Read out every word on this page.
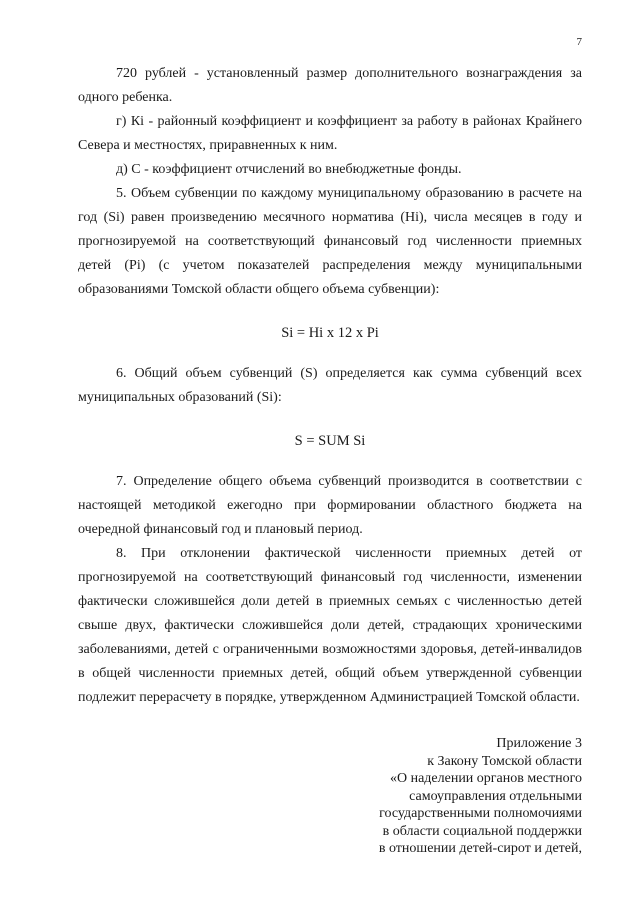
7

720 рублей - установленный размер дополнительного вознаграждения за одного ребенка.

г) Кi - районный коэффициент и коэффициент за работу в районах Крайнего Севера и местностях, приравненных к ним.

д) С - коэффициент отчислений во внебюджетные фонды.

5. Объем субвенции по каждому муниципальному образованию в расчете на год (Si) равен произведению месячного норматива (Hi), числа месяцев в году и прогнозируемой на соответствующий финансовый год численности приемных детей (Pi) (с учетом показателей распределения между муниципальными образованиями Томской области общего объема субвенции):

Si = Hi x 12 x Pi

6. Общий объем субвенций (S) определяется как сумма субвенций всех муниципальных образований (Si):

S = SUM Si

7. Определение общего объема субвенций производится в соответствии с настоящей методикой ежегодно при формировании областного бюджета на очередной финансовый год и плановый период.

8. При отклонении фактической численности приемных детей от прогнозируемой на соответствующий финансовый год численности, изменении фактически сложившейся доли детей в приемных семьях с численностью детей свыше двух, фактически сложившейся доли детей, страдающих хроническими заболеваниями, детей с ограниченными возможностями здоровья, детей-инвалидов в общей численности приемных детей, общий объем утвержденной субвенции подлежит перерасчету в порядке, утвержденном Администрацией Томской области.

Приложение 3
к Закону Томской области
«О наделении органов местного
самоуправления отдельными
государственными полномочиями
в области социальной поддержки
в отношении детей-сирот и детей,
